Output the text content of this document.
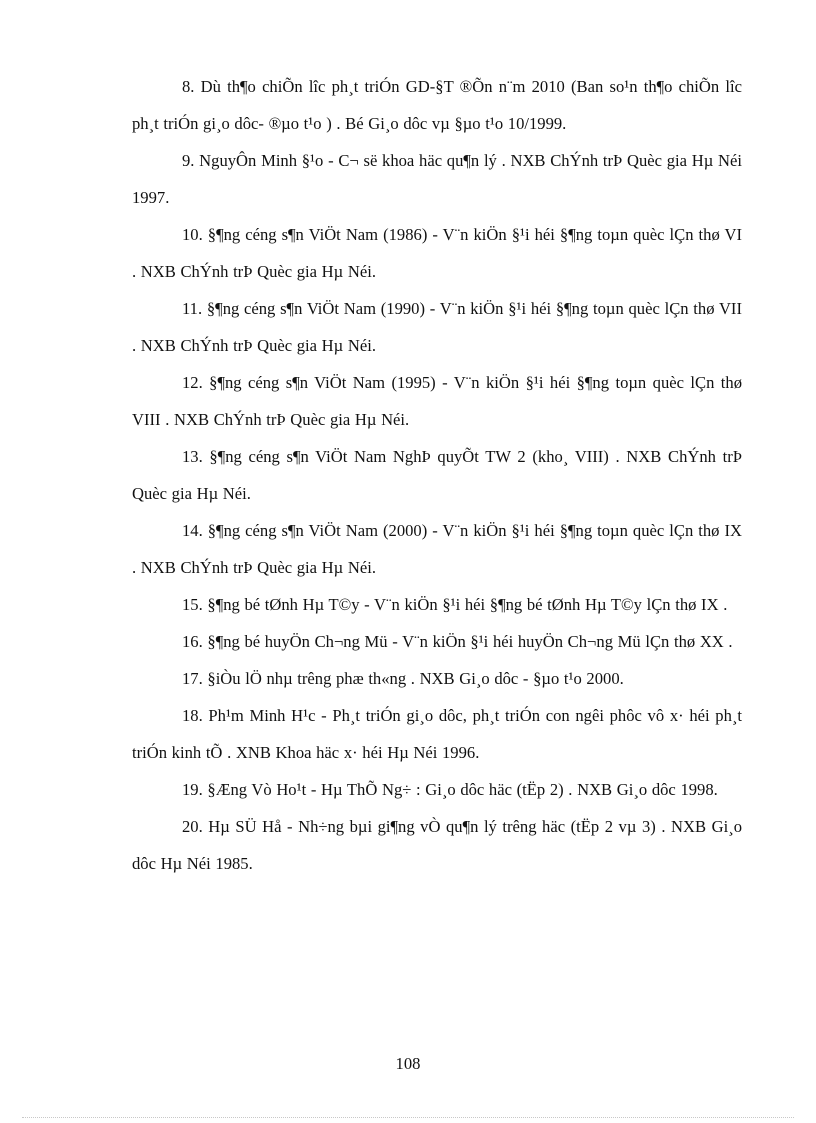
8. Dù th¶o chiÕn lîc ph¸t triÓn GD-§T ®Õn n¨m 2010 (Ban so¹n th¶o chiÕn lîc ph¸t triÓn gi¸o dôc- ®µo t¹o ) . Bé Gi¸o dôc vµ §µo t¹o 10/1999.
9. NguyÔn Minh §¹o - C¬ së khoa häc qu¶n lý . NXB ChÝnh trÞ Quèc gia Hµ Néi 1997.
10. §¶ng céng s¶n ViÖt Nam (1986) - V¨n kiÖn §¹i héi §¶ng toµn quèc lÇn thø VI . NXB ChÝnh trÞ Quèc gia Hµ Néi.
11. §¶ng céng s¶n ViÖt Nam (1990) - V¨n kiÖn §¹i héi §¶ng toµn quèc lÇn thø VII . NXB ChÝnh trÞ Quèc gia Hµ Néi.
12. §¶ng céng s¶n ViÖt Nam (1995) - V¨n kiÖn §¹i héi §¶ng toµn quèc lÇn thø VIII . NXB ChÝnh trÞ Quèc gia Hµ Néi.
13. §¶ng céng s¶n ViÖt Nam NghÞ quyÕt TW 2 (kho¸ VIII) . NXB ChÝnh trÞ Quèc gia Hµ Néi.
14. §¶ng céng s¶n ViÖt Nam (2000) - V¨n kiÖn §¹i héi §¶ng toµn quèc lÇn thø IX . NXB ChÝnh trÞ Quèc gia Hµ Néi.
15. §¶ng bé tØnh Hµ T©y - V¨n kiÖn §¹i héi §¶ng bé tØnh Hµ T©y lÇn thø IX .
16. §¶ng bé huyÖn Ch¬ng Mü - V¨n kiÖn §¹i héi huyÖn Ch¬ng Mü lÇn thø XX .
17. §iÒu lÖ nhµ trêng phæ th«ng . NXB Gi¸o dôc - §µo t¹o 2000.
18. Ph¹m Minh H¹c - Ph¸t triÓn gi¸o dôc, ph¸t triÓn con ngêi phôc vô x· héi ph¸t triÓn kinh tÕ . XNB Khoa häc x· héi Hµ Néi 1996.
19. §Æng Vò Ho¹t - Hµ ThÕ Ng÷ : Gi¸o dôc häc (tËp 2) . NXB Gi¸o dôc 1998.
20. Hµ SÜ Hå - Nh÷ng bµi gi¶ng vÒ qu¶n lý trêng häc (tËp 2 vµ 3) . NXB Gi¸o dôc Hµ Néi 1985.
108
